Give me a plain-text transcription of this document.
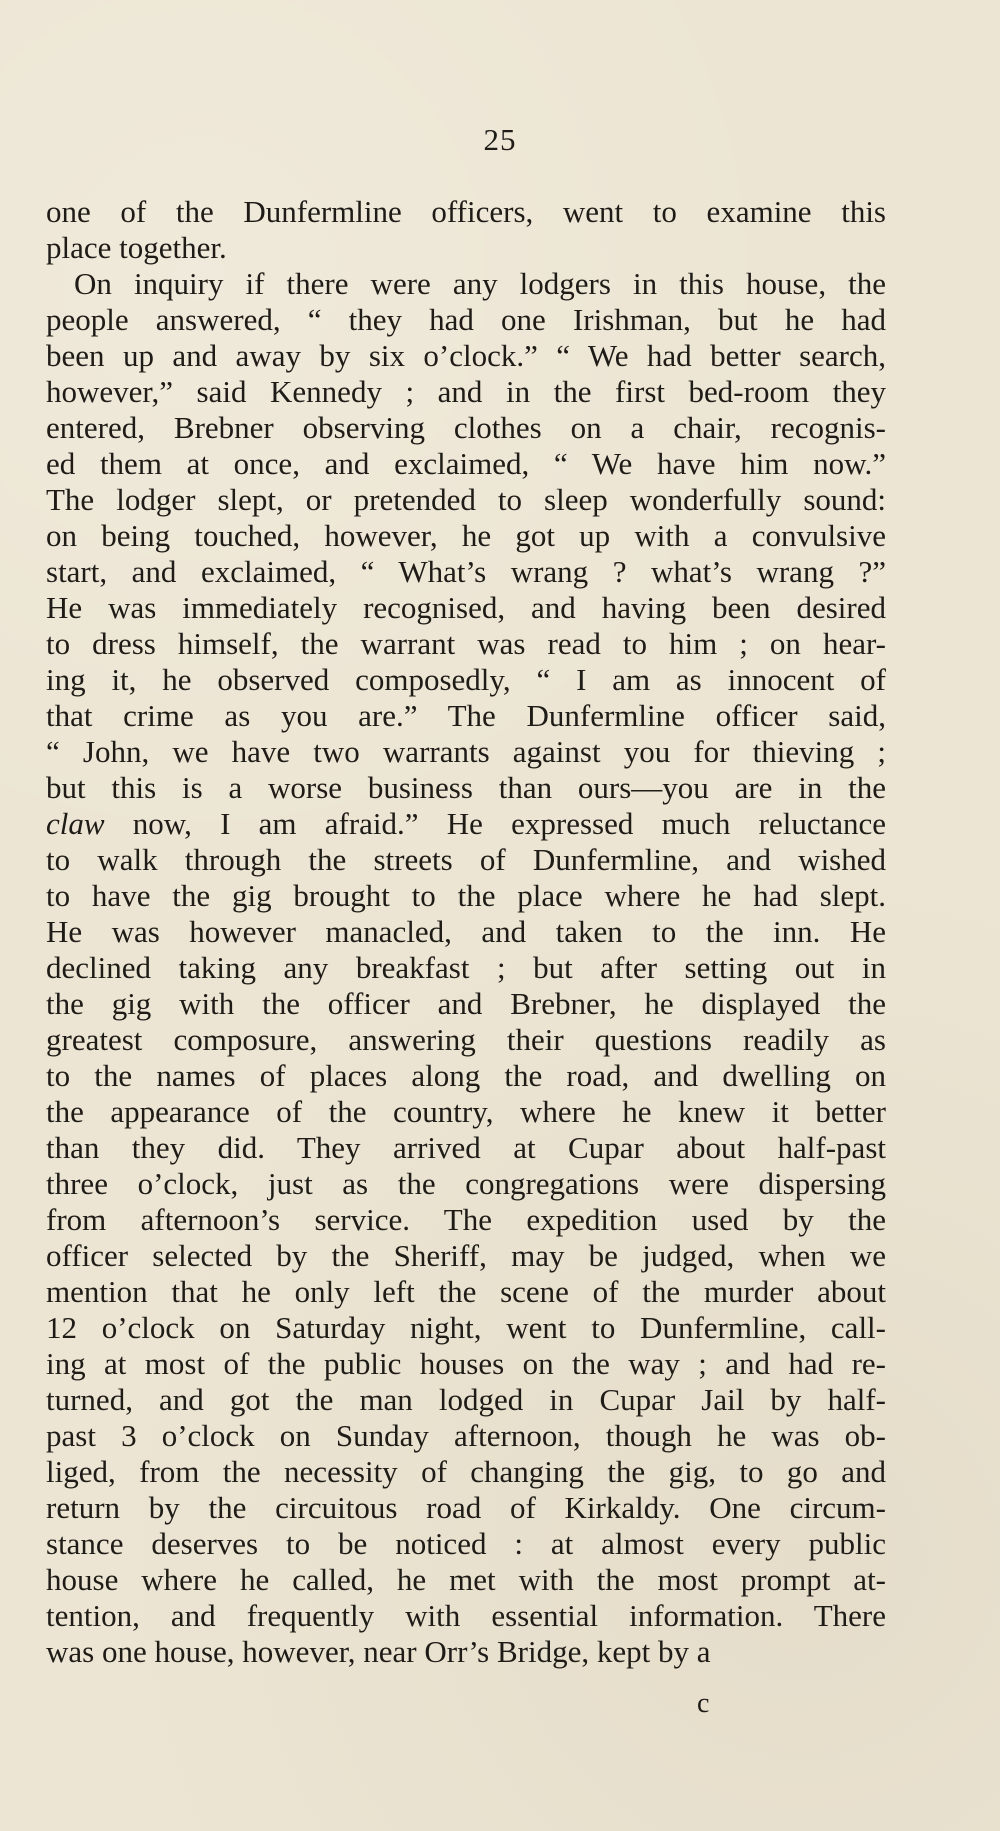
25
one of the Dunfermline officers, went to examine this
place together.
On inquiry if there were any lodgers in this house, the
people answered, “ they had one Irishman, but he had
been up and away by six o’clock.” “ We had better search,
however,” said Kennedy ; and in the first bed-room they
entered, Brebner observing clothes on a chair, recognis-
ed them at once, and exclaimed, “ We have him now.”
The lodger slept, or pretended to sleep wonderfully sound:
on being touched, however, he got up with a convulsive
start, and exclaimed, “ What’s wrang ? what’s wrang ?”
He was immediately recognised, and having been desired
to dress himself, the warrant was read to him ; on hear-
ing it, he observed composedly, “ I am as innocent of
that crime as you are.” The Dunfermline officer said,
“ John, we have two warrants against you for thieving ;
but this is a worse business than ours—you are in the
claw now, I am afraid.” He expressed much reluctance
to walk through the streets of Dunfermline, and wished
to have the gig brought to the place where he had slept.
He was however manacled, and taken to the inn. He
declined taking any breakfast ; but after setting out in
the gig with the officer and Brebner, he displayed the
greatest composure, answering their questions readily as
to the names of places along the road, and dwelling on
the appearance of the country, where he knew it better
than they did. They arrived at Cupar about half-past
three o’clock, just as the congregations were dispersing
from afternoon’s service. The expedition used by the
officer selected by the Sheriff, may be judged, when we
mention that he only left the scene of the murder about
12 o’clock on Saturday night, went to Dunfermline, call-
ing at most of the public houses on the way ; and had re-
turned, and got the man lodged in Cupar Jail by half-
past 3 o’clock on Sunday afternoon, though he was ob-
liged, from the necessity of changing the gig, to go and
return by the circuitous road of Kirkaldy. One circum-
stance deserves to be noticed : at almost every public
house where he called, he met with the most prompt at-
tention, and frequently with essential information. There
was one house, however, near Orr’s Bridge, kept by a
c
